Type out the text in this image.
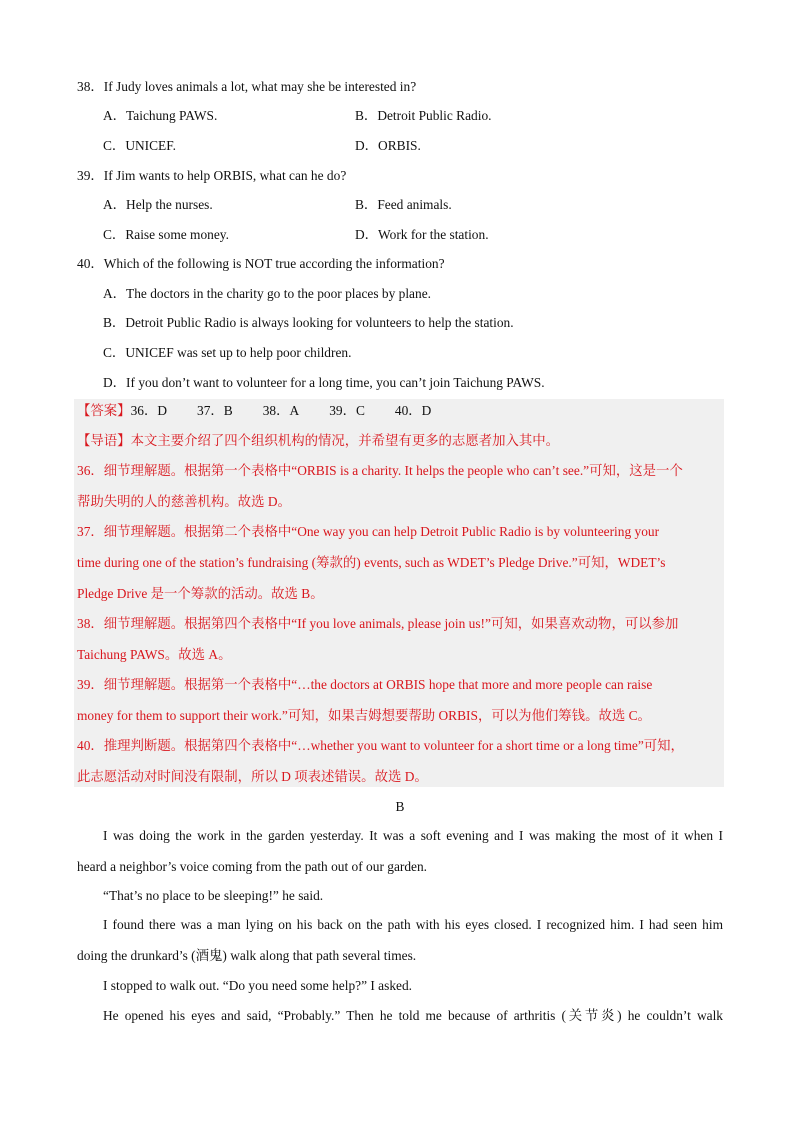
38．If Judy loves animals a lot, what may she be interested in?
A．Taichung PAWS.	B．Detroit Public Radio.
C．UNICEF.	D．ORBIS.
39．If Jim wants to help ORBIS, what can he do?
A．Help the nurses.	B．Feed animals.
C．Raise some money.	D．Work for the station.
40．Which of the following is NOT true according the information?
A．The doctors in the charity go to the poor places by plane.
B．Detroit Public Radio is always looking for volunteers to help the station.
C．UNICEF was set up to help poor children.
D．If you don’t want to volunteer for a long time, you can’t join Taichung PAWS.
【答案】36．D 37．B 38．A 39．C 40．D
【导语】本文主要介绍了四个组织机构的情况，并希望有更多的志愿者加入其中。
36．细节理解题。根据第一个表格中“ORBIS is a charity. It helps the people who can’t see.”可知，这是一个
帮助失明的人的慈善机构。故选 D。
37．细节理解题。根据第二个表格中“One way you can help Detroit Public Radio is by volunteering your
time during one of the station’s fundraising (筹款的) events, such as WDET’s Pledge Drive.”可知，WDET’s
Pledge Drive 是一个筹款的活动。故选 B。
38．细节理解题。根据第四个表格中“If you love animals, please join us!”可知，如果喜欢动物，可以参加
Taichung PAWS。故选 A。
39．细节理解题。根据第一个表格中“…the doctors at ORBIS hope that more and more people can raise
money for them to support their work.”可知，如果吉姆想要帮助 ORBIS，可以为他们筹钱。故选 C。
40．推理判断题。根据第四个表格中“…whether you want to volunteer for a short time or a long time”可知，
此志愿活动对时间没有限制，所以 D 项表述错误。故选 D。
B
I was doing the work in the garden yesterday. It was a soft evening and I was making the most of it when I
heard a neighbor’s voice coming from the path out of our garden.
“That’s no place to be sleeping!” he said.
I found there was a man lying on his back on the path with his eyes closed. I recognized him. I had seen him
doing the drunkard’s (酒鬼) walk along that path several times.
I stopped to walk out. “Do you need some help?” I asked.
He opened his eyes and said, “Probably.” Then he told me because of arthritis (关节炎) he couldn’t walk
